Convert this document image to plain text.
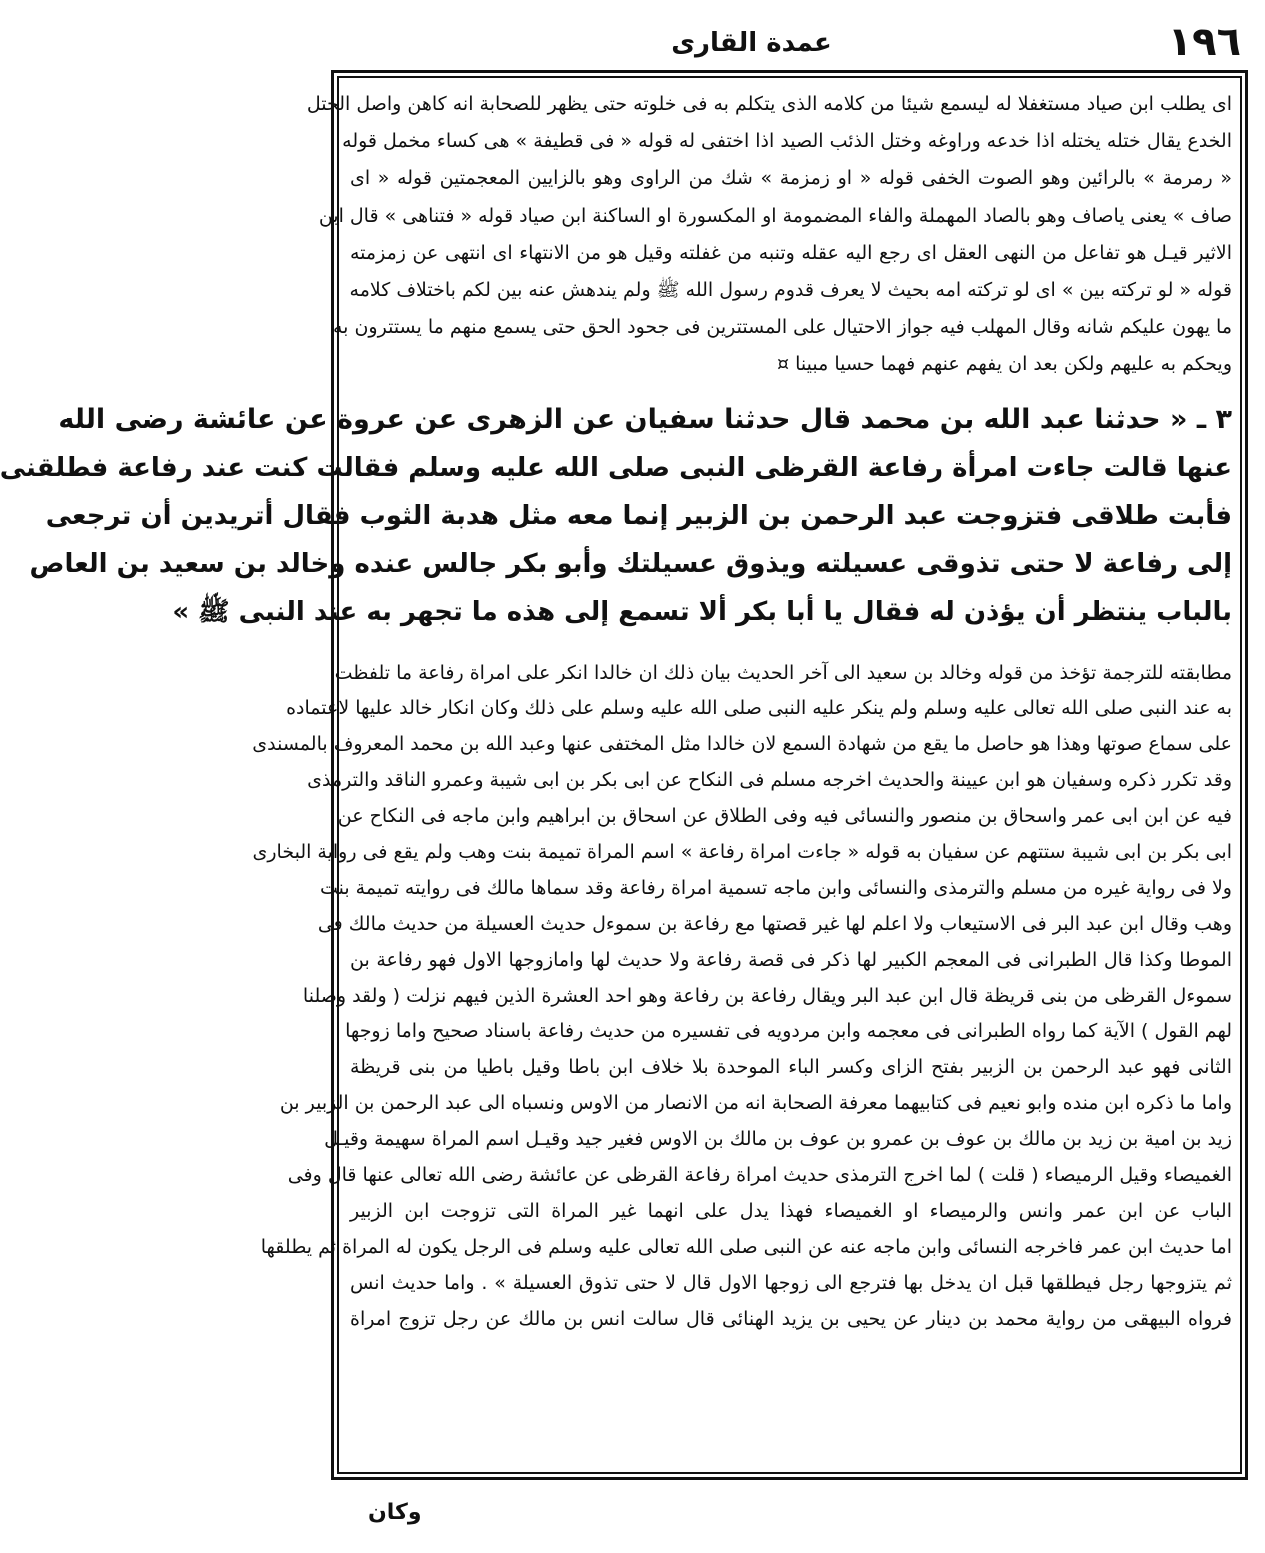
١٩٦
عمدة القارى
اى يطلب ابن صياد مستغفلا له ليسمع شيئا من كلامه الذى يتكلم به فى خلوته حتى يظهر للصحابة انه كاهن واصل الختل
الخدع يقال ختله يختله اذا خدعه وراوغه وختل الذئب الصيد اذا اختفى له قوله « فى قطيفة » هى كساء مخمل قوله
« رمرمة » بالرائين وهو الصوت الخفى قوله « او زمزمة » شك من الراوى وهو بالزايين المعجمتين قوله « اى
صاف » يعنى ياصاف وهو بالصاد المهملة والفاء المضمومة او المكسورة او الساكنة ابن صياد قوله « فتناهى » قال ابن
الاثير قيـل هو تفاعل من النهى العقل اى رجع اليه عقله وتنبه من غفلته وقيل هو من الانتهاء اى انتهى عن زمزمته
قوله « لو تركته بين » اى لو تركته امه بحيث لا يعرف قدوم رسول الله ﷺ ولم يندهش عنه بين لكم باختلاف كلامه
ما يهون عليكم شانه وقال المهلب فيه جواز الاحتيال على المستترين فى جحود الحق حتى يسمع منهم ما يستترون به
ويحكم به عليهم ولكن بعد ان يفهم عنهم فهما حسيا مبينا ¤
٣ ـ « حدثنا عبد الله بن محمد قال حدثنا سفيان عن الزهرى عن عروة عن عائشة رضى الله
عنها قالت جاءت امرأة رفاعة القرظى النبى صلى الله عليه وسلم فقالت كنت عند رفاعة فطلقنى
فأبت طلاقى فتزوجت عبد الرحمن بن الزبير إنما معه مثل هدبة الثوب فقال أتريدين أن ترجعى
إلى رفاعة لا حتى تذوقى عسيلته ويذوق عسيلتك وأبو بكر جالس عنده وخالد بن سعيد بن العاص
بالباب ينتظر أن يؤذن له فقال يا أبا بكر ألا تسمع إلى هذه ما تجهر به عند النبى ﷺ »
مطابقته للترجمة تؤخذ من قوله وخالد بن سعيد الى آخر الحديث بيان ذلك ان خالدا انكر على امراة رفاعة ما تلفظت
به عند النبى صلى الله تعالى عليه وسلم ولم ينكر عليه النبى صلى الله عليه وسلم على ذلك وكان انكار خالد عليها لاعتماده
على سماع صوتها وهذا هو حاصل ما يقع من شهادة السمع لان خالدا مثل المختفى عنها وعبد الله بن محمد المعروف بالمسندى
وقد تكرر ذكره وسفيان هو ابن عيينة والحديث اخرجه مسلم فى النكاح عن ابى بكر بن ابى شيبة وعمرو الناقد والترمذى
فيه عن ابن ابى عمر واسحاق بن منصور والنسائى فيه وفى الطلاق عن اسحاق بن ابراهيم وابن ماجه فى النكاح عن
ابى بكر بن ابى شيبة ستتهم عن سفيان به قوله « جاءت امراة رفاعة » اسم المراة تميمة بنت وهب ولم يقع فى رواية البخارى
ولا فى رواية غيره من مسلم والترمذى والنسائى وابن ماجه تسمية امراة رفاعة وقد سماها مالك فى روايته تميمة بنت
وهب وقال ابن عبد البر فى الاستيعاب ولا اعلم لها غير قصتها مع رفاعة بن سموءل حديث العسيلة من حديث مالك فى
الموطا وكذا قال الطبرانى فى المعجم الكبير لها ذكر فى قصة رفاعة ولا حديث لها وامازوجها الاول فهو رفاعة بن
سموءل القرظى من بنى قريظة قال ابن عبد البر ويقال رفاعة بن رفاعة وهو احد العشرة الذين فيهم نزلت ( ولقد وصلنا
لهم القول ) الآية كما رواه الطبرانى فى معجمه وابن مردويه فى تفسيره من حديث رفاعة باسناد صحيح واما زوجها
الثانى فهو عبد الرحمن بن الزبير بفتح الزاى وكسر الباء الموحدة بلا خلاف ابن باطا وقيل باطيا من بنى قريظة
واما ما ذكره ابن منده وابو نعيم فى كتابيهما معرفة الصحابة انه من الانصار من الاوس ونسباه الى عبد الرحمن بن الزبير بن
زيد بن امية بن زيد بن مالك بن عوف بن عمرو بن عوف بن مالك بن الاوس فغير جيد وقيـل اسم المراة سهيمة وقيـل
الغميصاء وقيل الرميصاء ( قلت ) لما اخرج الترمذى حديث امراة رفاعة القرظى عن عائشة رضى الله تعالى عنها قال وفى
الباب عن ابن عمر وانس والرميصاء او الغميصاء فهذا يدل على انهما غير المراة التى تزوجت ابن الزبير
اما حديث ابن عمر فاخرجه النسائى وابن ماجه عنه عن النبى صلى الله تعالى عليه وسلم فى الرجل يكون له المراة ثم يطلقها
ثم يتزوجها رجل فيطلقها قبل ان يدخل بها فترجع الى زوجها الاول قال لا حتى تذوق العسيلة » . واما حديث انس
فرواه البيهقى من رواية محمد بن دينار عن يحيى بن يزيد الهنائى قال سالت انس بن مالك عن رجل تزوج امراة
وكان
